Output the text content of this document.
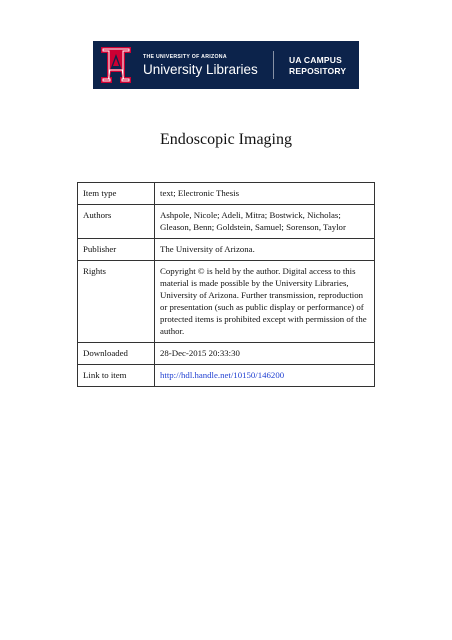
THE UNIVERSITY OF ARIZONA
University Libraries
UA CAMPUS
REPOSITORY
Endoscopic Imaging
Item type	text; Electronic Thesis
Authors	Ashpole, Nicole; Adeli, Mitra; Bostwick, Nicholas; Gleason, Benn; Goldstein, Samuel; Sorenson, Taylor
Publisher	The University of Arizona.
Rights	Copyright © is held by the author. Digital access to this material is made possible by the University Libraries, University of Arizona. Further transmission, reproduction or presentation (such as public display or performance) of protected items is prohibited except with permission of the author.
Downloaded	28-Dec-2015 20:33:30
Link to item	http://hdl.handle.net/10150/146200
